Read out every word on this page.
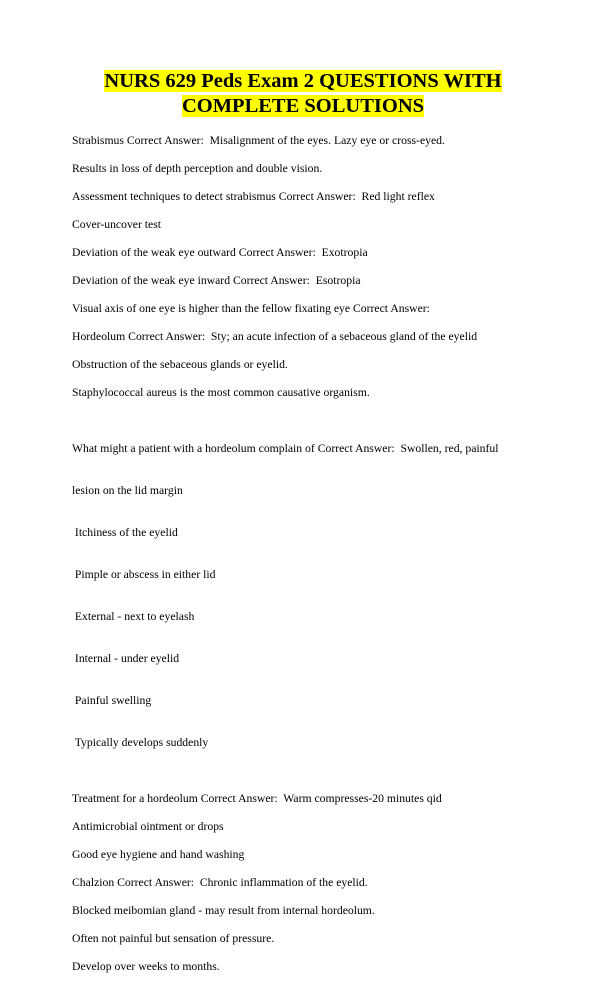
NURS 629 Peds Exam 2 QUESTIONS WITH
COMPLETE SOLUTIONS

Strabismus Correct Answer:  Misalignment of the eyes. Lazy eye or cross-eyed.

Results in loss of depth perception and double vision.

Assessment techniques to detect strabismus Correct Answer:  Red light reflex

Cover-uncover test

Deviation of the weak eye outward Correct Answer:  Exotropia

Deviation of the weak eye inward Correct Answer:  Esotropia

Visual axis of one eye is higher than the fellow fixating eye Correct Answer:

Hordeolum Correct Answer:  Sty; an acute infection of a sebaceous gland of the eyelid

Obstruction of the sebaceous glands or eyelid.

Staphylococcal aureus is the most common causative organism.

What might a patient with a hordeolum complain of Correct Answer:  Swollen, red, painful

lesion on the lid margin

Itchiness of the eyelid

Pimple or abscess in either lid

External - next to eyelash

Internal - under eyelid

Painful swelling

Typically develops suddenly

Treatment for a hordeolum Correct Answer:  Warm compresses-20 minutes qid

Antimicrobial ointment or drops

Good eye hygiene and hand washing

Chalzion Correct Answer:  Chronic inflammation of the eyelid.

Blocked meibomian gland - may result from internal hordeolum.

Often not painful but sensation of pressure.

Develop over weeks to months.
